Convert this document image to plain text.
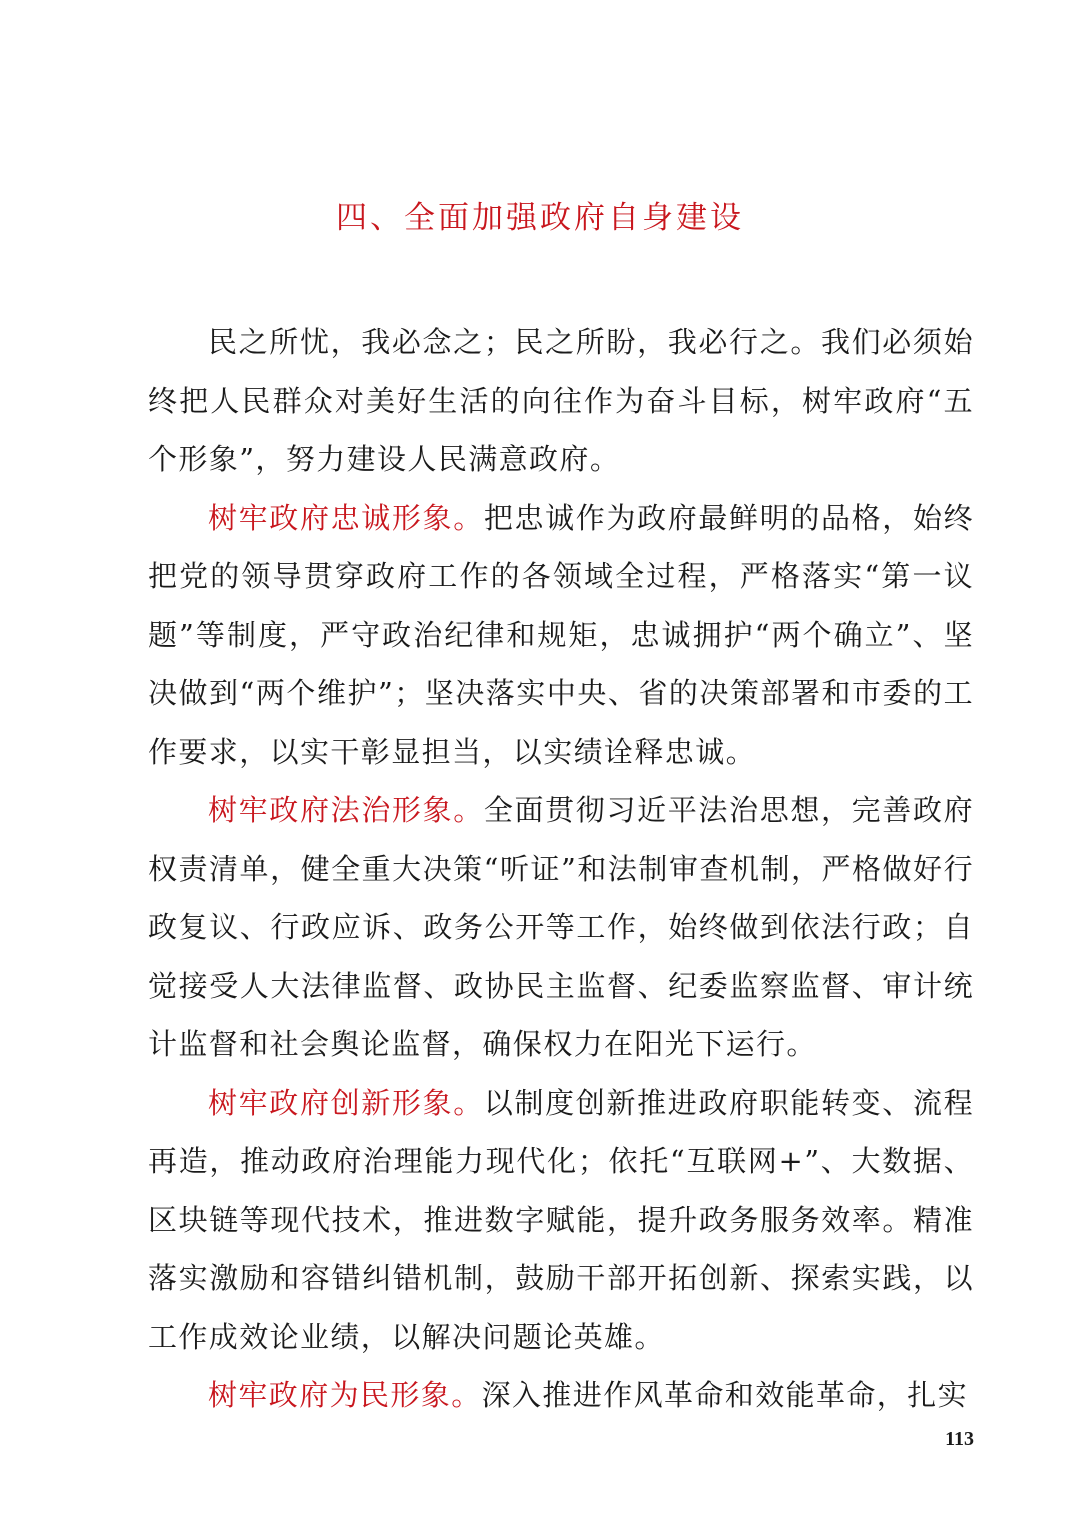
四、全面加强政府自身建设

民之所忧，我必念之；民之所盼，我必行之。我们必须始终把人民群众对美好生活的向往作为奋斗目标，树牢政府“五个形象”，努力建设人民满意政府。

树牢政府忠诚形象。把忠诚作为政府最鲜明的品格，始终把党的领导贯穿政府工作的各领域全过程，严格落实“第一议题”等制度，严守政治纪律和规矩，忠诚拥护“两个确立”、坚决做到“两个维护”；坚决落实中央、省的决策部署和市委的工作要求，以实干彰显担当，以实绩诠释忠诚。

树牢政府法治形象。全面贯彻习近平法治思想，完善政府权责清单，健全重大决策“听证”和法制审查机制，严格做好行政复议、行政应诉、政务公开等工作，始终做到依法行政；自觉接受人大法律监督、政协民主监督、纪委监察监督、审计统计监督和社会舆论监督，确保权力在阳光下运行。

树牢政府创新形象。以制度创新推进政府职能转变、流程再造，推动政府治理能力现代化；依托“互联网+”、大数据、区块链等现代技术，推进数字赋能，提升政务服务效率。精准落实激励和容错纠错机制，鼓励干部开拓创新、探索实践，以工作成效论业绩，以解决问题论英雄。

树牢政府为民形象。深入推进作风革命和效能革命，扎实

113
